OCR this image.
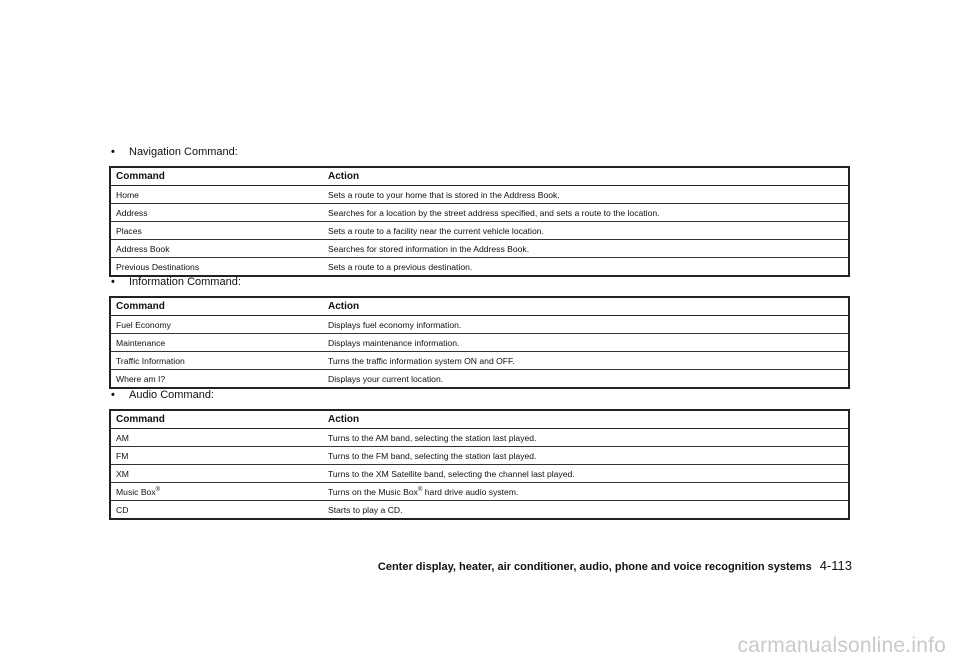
• Navigation Command:
Command	Action
Home	Sets a route to your home that is stored in the Address Book.
Address	Searches for a location by the street address specified, and sets a route to the location.
Places	Sets a route to a facility near the current vehicle location.
Address Book	Searches for stored information in the Address Book.
Previous Destinations	Sets a route to a previous destination.
• Information Command:
Command	Action
Fuel Economy	Displays fuel economy information.
Maintenance	Displays maintenance information.
Traffic Information	Turns the traffic information system ON and OFF.
Where am I?	Displays your current location.
• Audio Command:
Command	Action
AM	Turns to the AM band, selecting the station last played.
FM	Turns to the FM band, selecting the station last played.
XM	Turns to the XM Satellite band, selecting the channel last played.
Music Box®	Turns on the Music Box® hard drive audio system.
CD	Starts to play a CD.
Center display, heater, air conditioner, audio, phone and voice recognition systems 4-113
carmanualsonline.info
